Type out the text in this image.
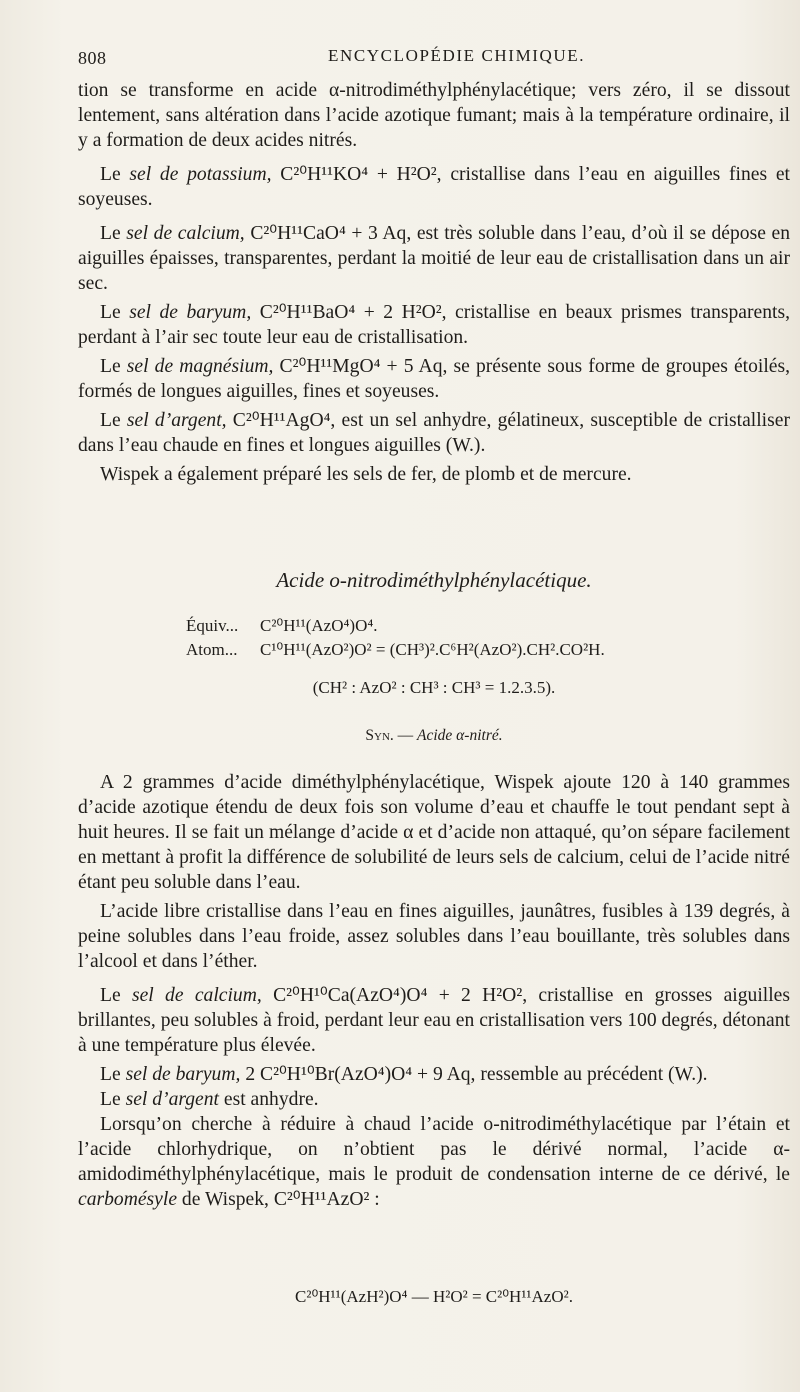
808	ENCYCLOPÉDIE CHIMIQUE.

tion se transforme en acide α-nitrodiméthylphénylacétique; vers zéro, il se dissout lentement, sans altération dans l’acide azotique fumant; mais à la température ordinaire, il y a formation de deux acides nitrés.

Le sel de potassium, C²⁰H¹¹KO⁴ + H²O², cristallise dans l’eau en aiguilles fines et soyeuses.

Le sel de calcium, C²⁰H¹¹CaO⁴ + 3 Aq, est très soluble dans l’eau, d’où il se dépose en aiguilles épaisses, transparentes, perdant la moitié de leur eau de cristallisation dans un air sec.

Le sel de baryum, C²⁰H¹¹BaO⁴ + 2 H²O², cristallise en beaux prismes transparents, perdant à l’air sec toute leur eau de cristallisation.

Le sel de magnésium, C²⁰H¹¹MgO⁴ + 5 Aq, se présente sous forme de groupes étoilés, formés de longues aiguilles, fines et soyeuses.

Le sel d’argent, C²⁰H¹¹AgO⁴, est un sel anhydre, gélatineux, susceptible de cristalliser dans l’eau chaude en fines et longues aiguilles (W.).

Wispek a également préparé les sels de fer, de plomb et de mercure.

Acide o-nitrodiméthylphénylacétique.
Équiv... C²⁰H¹¹(AzO⁴)O⁴.
Atom... C¹⁰H¹¹(AzO²)O² = (CH³)².C⁶H²(AzO²).CH².CO²H.
(CH² : AzO² : CH³ : CH³ = 1.2.3.5).
Syn. — Acide α-nitré.

A 2 grammes d’acide diméthylphénylacétique, Wispek ajoute 120 à 140 grammes d’acide azotique étendu de deux fois son volume d’eau et chauffe le tout pendant sept à huit heures. Il se fait un mélange d’acide α et d’acide non attaqué, qu’on sépare facilement en mettant à profit la différence de solubilité de leurs sels de calcium, celui de l’acide nitré étant peu soluble dans l’eau.

L’acide libre cristallise dans l’eau en fines aiguilles, jaunâtres, fusibles à 139 degrés, à peine solubles dans l’eau froide, assez solubles dans l’eau bouillante, très solubles dans l’alcool et dans l’éther.

Le sel de calcium, C²⁰H¹⁰Ca(AzO⁴)O⁴ + 2 H²O², cristallise en grosses aiguilles brillantes, peu solubles à froid, perdant leur eau en cristallisation vers 100 degrés, détonant à une température plus élevée.

Le sel de baryum, 2 C²⁰H¹⁰Br(AzO⁴)O⁴ + 9 Aq, ressemble au précédent (W.).

Le sel d’argent est anhydre.

Lorsqu’on cherche à réduire à chaud l’acide o-nitrodiméthylacétique par l’étain et l’acide chlorhydrique, on n’obtient pas le dérivé normal, l’acide α-amidodiméthylphénylacétique, mais le produit de condensation interne de ce dérivé, le carbomésyle de Wispek, C²⁰H¹¹AzO² :

C²⁰H¹¹(AzH²)O⁴ — H²O² = C²⁰H¹¹AzO².
